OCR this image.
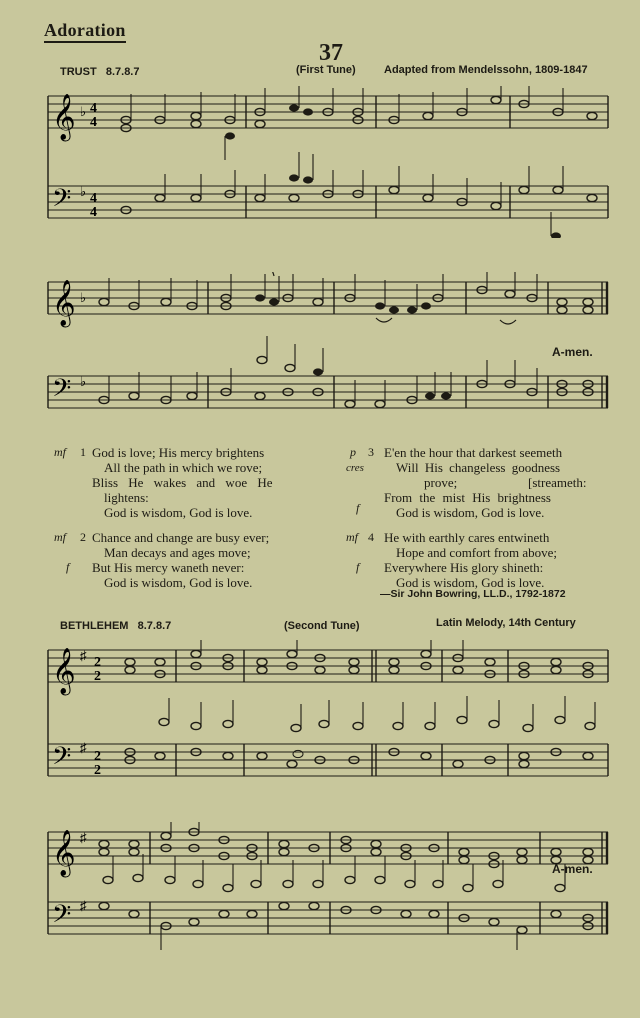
Adoration
37
TRUST 8.7.8.7	(First Tune)	Adapted from Mendelssohn, 1809-1847
𝄞
𝄢
♭
♭
4
4
4
4
𝄞
𝄢
♭
♭
A-men.
mf 1 God is love; His mercy brightens
All the path in which we rove;
Bliss He wakes and woe He
lightens:
God is wisdom, God is love.
mf 2
f
Chance and change are busy ever;
Man decays and ages move;
But His mercy waneth never:
God is wisdom, God is love.
p 3
cres
f
E'en the hour that darkest seemeth
Will His changeless goodness
prove;	[streameth:
From the mist His brightness
God is wisdom, God is love.
mf 4
f
He with earthly cares entwineth
Hope and comfort from above;
Everywhere His glory shineth:
God is wisdom, God is love.
—Sir John Bowring, LL.D., 1792-1872
BETHLEHEM 8.7.8.7	(Second Tune)	Latin Melody, 14th Century
𝄞
𝄢
♯
♯
2
2
2
2
𝄞
𝄢
♯
♯
A-men.
